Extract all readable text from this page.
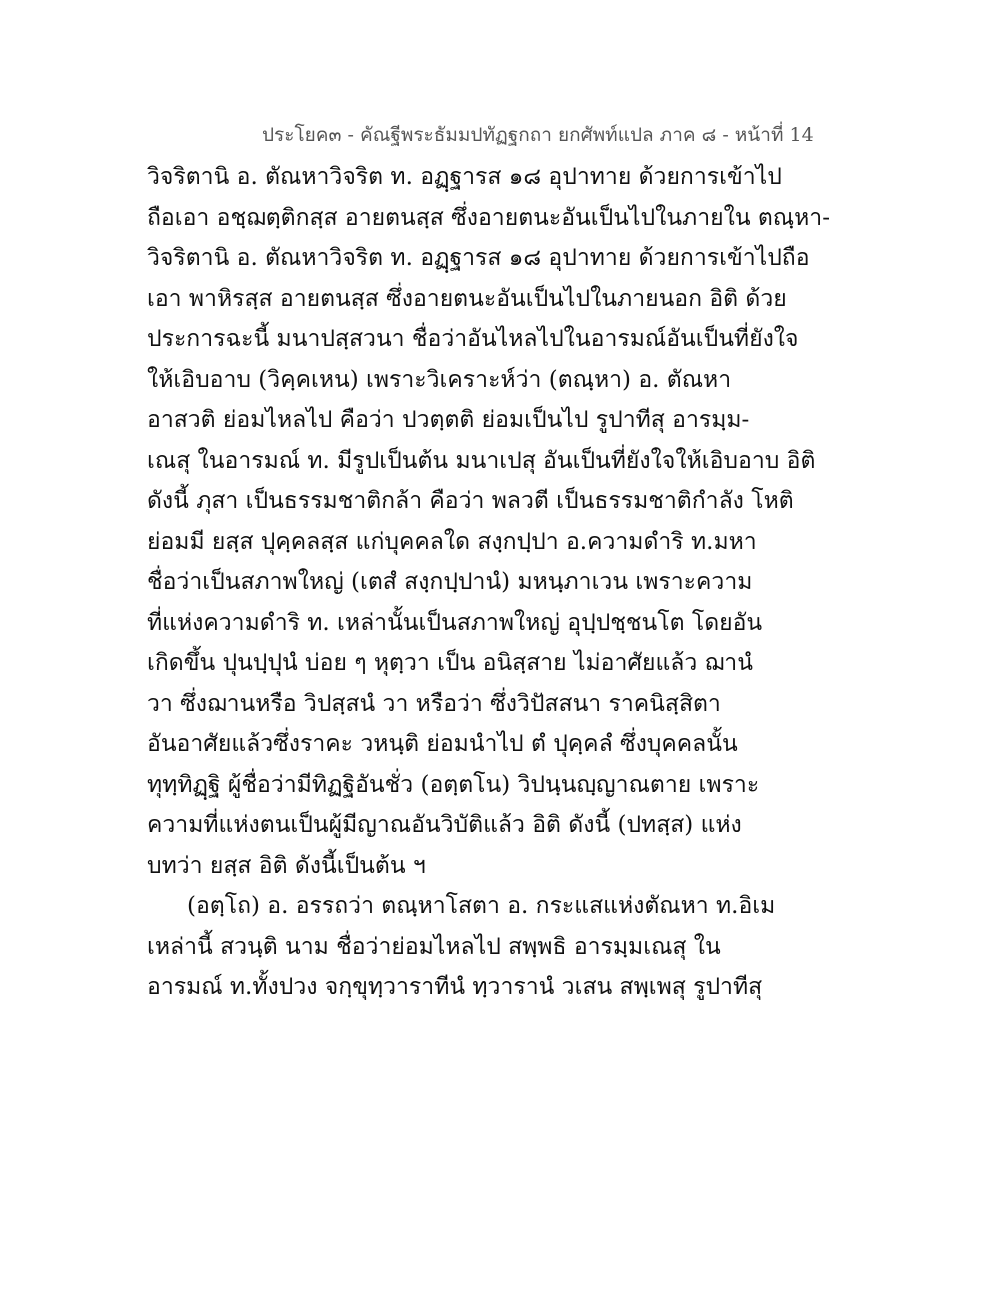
ประโยค๓ - คัณฐีพระธัมมปทัฏฐกถา ยกศัพท์แปล ภาค ๘ - หน้าที่ 14
วิจริตานิ อ. ตัณหาวิจริต ท. อฏฺฐารส ๑๘ อุปาทาย ด้วยการเข้าไป
ถือเอา อชฺฌตฺติกสฺส อายตนสฺส ซึ่งอายตนะอันเป็นไปในภายใน ตณฺหา-
วิจริตานิ อ. ตัณหาวิจริต ท. อฏฺฐารส ๑๘ อุปาทาย ด้วยการเข้าไปถือ
เอา พาหิรสฺส อายตนสฺส ซึ่งอายตนะอันเป็นไปในภายนอก อิติ ด้วย
ประการฉะนี้ มนาปสฺสวนา ชื่อว่าอันไหลไปในอารมณ์อันเป็นที่ยังใจ
ให้เอิบอาบ (วิคฺคเหน) เพราะวิเคราะห์ว่า (ตณฺหา) อ. ตัณหา
อาสวติ ย่อมไหลไป คือว่า ปวตฺตติ ย่อมเป็นไป รูปาทีสุ อารมฺม-
เณสุ ในอารมณ์ ท. มีรูปเป็นต้น มนาเปสุ อันเป็นที่ยังใจให้เอิบอาบ อิติ
ดังนี้ ภุสา เป็นธรรมชาติกล้า คือว่า พลวตี เป็นธรรมชาติกำลัง โหติ
ย่อมมี ยสฺส ปุคฺคลสฺส แก่บุคคลใด สงฺกปฺปา อ.ความดำริ ท.มหา
ชื่อว่าเป็นสภาพใหญ่ (เตสํ สงฺกปฺปานํ) มหนฺภาเวน เพราะความ
ที่แห่งความดำริ ท. เหล่านั้นเป็นสภาพใหญ่ อุปฺปชฺชนโต โดยอัน
เกิดขึ้น ปุนปฺปุนํ บ่อย ๆ หุตฺวา เป็น อนิสฺสาย ไม่อาศัยแล้ว ฌานํ
วา ซึ่งฌานหรือ วิปสฺสนํ วา หรือว่า ซึ่งวิปัสสนา ราคนิสฺสิตา
อันอาศัยแล้วซึ่งราคะ วหนฺติ ย่อมนำไป ตํ ปุคฺคลํ ซึ่งบุคคลนั้น
ทุทฺทิฏฺฐิ ผู้ชื่อว่ามีทิฏฐิอันชั่ว (อตฺตโน) วิปนฺนญฺญาณตาย เพราะ
ความที่แห่งตนเป็นผู้มีญาณอันวิบัติแล้ว อิติ ดังนี้ (ปทสฺส) แห่ง
บทว่า ยสฺส อิติ ดังนี้เป็นต้น ฯ
(อตฺโถ) อ. อรรถว่า ตณฺหาโสตา อ. กระแสแห่งตัณหา ท.อิเม
เหล่านี้ สวนฺติ นาม ชื่อว่าย่อมไหลไป สพฺพธิ อารมฺมเณสุ ใน
อารมณ์ ท.ทั้งปวง จกฺขุทฺวาราทีนํ ทฺวารานํ วเสน สพฺเพสุ รูปาทีสุ
